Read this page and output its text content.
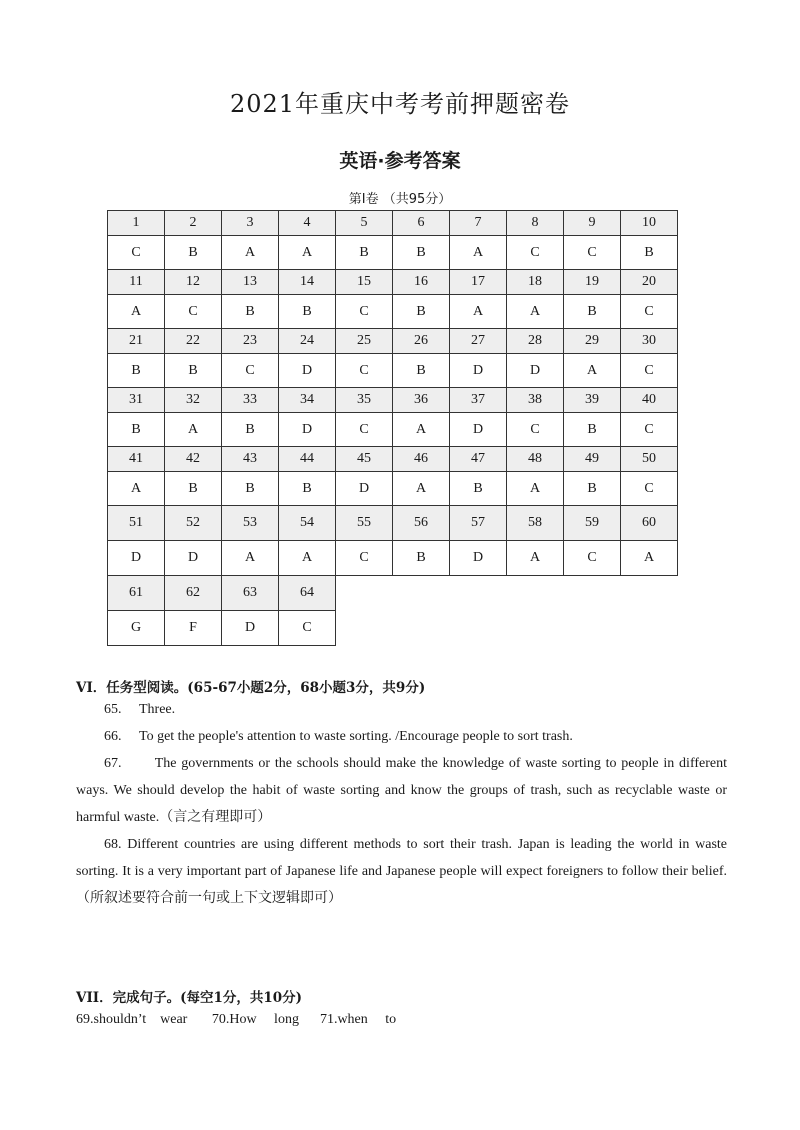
2021年重庆中考考前押题密卷
英语·参考答案
第Ⅰ卷 （共95分）
1	2	3	4	5	6	7	8	9	10
C	B	A	A	B	B	A	C	C	B
11	12	13	14	15	16	17	18	19	20
A	C	B	B	C	B	A	A	B	C
21	22	23	24	25	26	27	28	29	30
B	B	C	D	C	B	D	D	A	C
31	32	33	34	35	36	37	38	39	40
B	A	B	D	C	A	D	C	B	C
41	42	43	44	45	46	47	48	49	50
A	B	B	B	D	A	B	A	B	C
51	52	53	54	55	56	57	58	59	60
D	D	A	A	C	B	D	A	C	A
61	62	63	64						
G	F	D	C						
VI．任务型阅读。(65-67小题2分，68小题3分，共9分)
65.     Three.
66.     To get the people's attention to waste sorting. /Encourage people to sort trash.
67.       The governments or the schools should make the knowledge of waste sorting to people in different
ways. We should develop the habit of waste sorting and know the groups of trash, such as recyclable waste or
harmful waste.（言之有理即可）
68. Different countries are using different methods to sort their trash. Japan is leading the world in waste
sorting. It is a very important part of Japanese life and Japanese people will expect foreigners to follow their belief.
（所叙述要符合前一句或上下文逻辑即可）
VII．完成句子。(每空1分，共10分)
69.shouldn’t    wear       70.How     long      71.when     to
